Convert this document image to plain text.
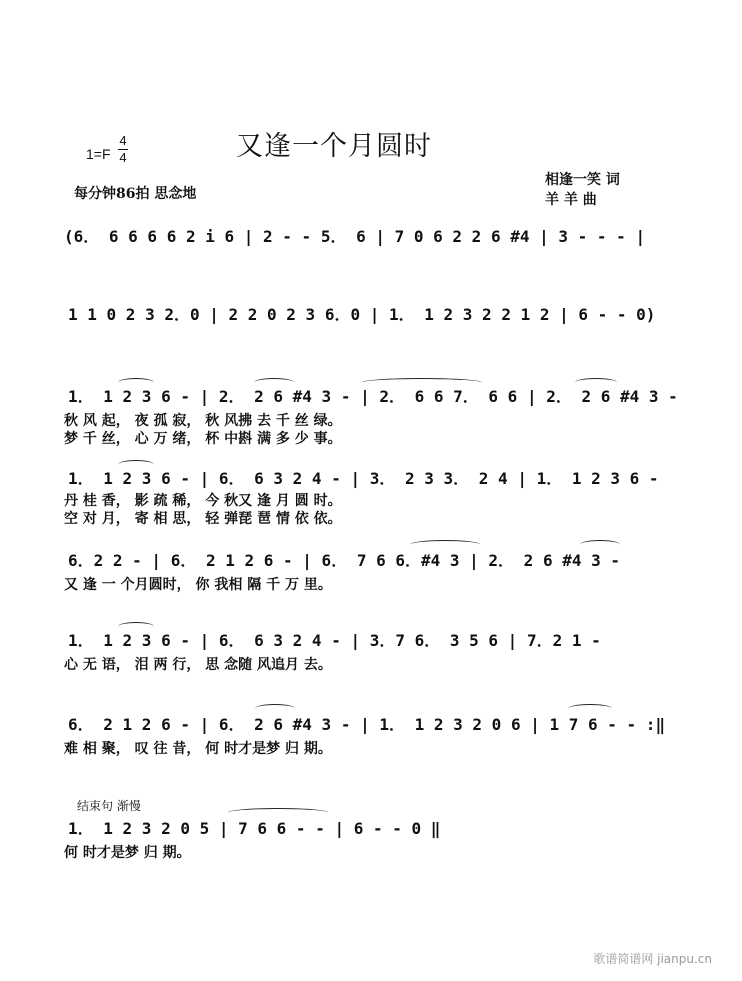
1=F
4
4	又逢一个月圆时
每分钟86拍 思念地
相逢一笑 词
羊 羊 曲
(6． 6 6 6 6 2 i 6 | 2 - - 5． 6 | 7 0 6 2 2 6 #4 | 3 - - - |
1 1 0 2 3 2．0 | 2 2 0 2 3 6．0 | 1． 1 2 3 2 2 1 2 | 6 - - 0)
1． 1 2 3 6 - | 2． 2 6 #4 3 - | 2． 6 6 7． 6 6 | 2． 2 6 #4 3 -
秋 风 起， 夜 孤 寂， 秋 风拂 去 千 丝 绿。
梦 千 丝， 心 万 绪， 杯 中斟 满 多 少 事。
1． 1 2 3 6 - | 6． 6 3 2 4 - | 3． 2 3 3． 2 4 | 1． 1 2 3 6 -
丹 桂 香， 影 疏 稀， 今 秋又 逢 月 圆 时。
空 对 月， 寄 相 思， 轻 弹琵 琶 情 依 依。
6．2 2 - | 6． 2 1 2 6 - | 6． 7 6 6．#4 3 | 2． 2 6 #4 3 -
又 逢 一 个月圆时， 你 我相 隔 千 万 里。
1． 1 2 3 6 - | 6． 6 3 2 4 - | 3．7 6． 3 5 6 | 7．2 1 -
心 无 语， 泪 两 行， 思 念随 风追月 去。
6． 2 1 2 6 - | 6． 2 6 #4 3 - | 1． 1 2 3 2 0 6 | 1 7 6 - - :‖
难 相 聚， 叹 往 昔， 何 时才是梦 归 期。
结束句 渐慢
1． 1 2 3 2 0 5 | 7 6 6 - - | 6 - - 0 ‖
何 时才是梦 归 期。
歌谱简谱网 jianpu.cn
